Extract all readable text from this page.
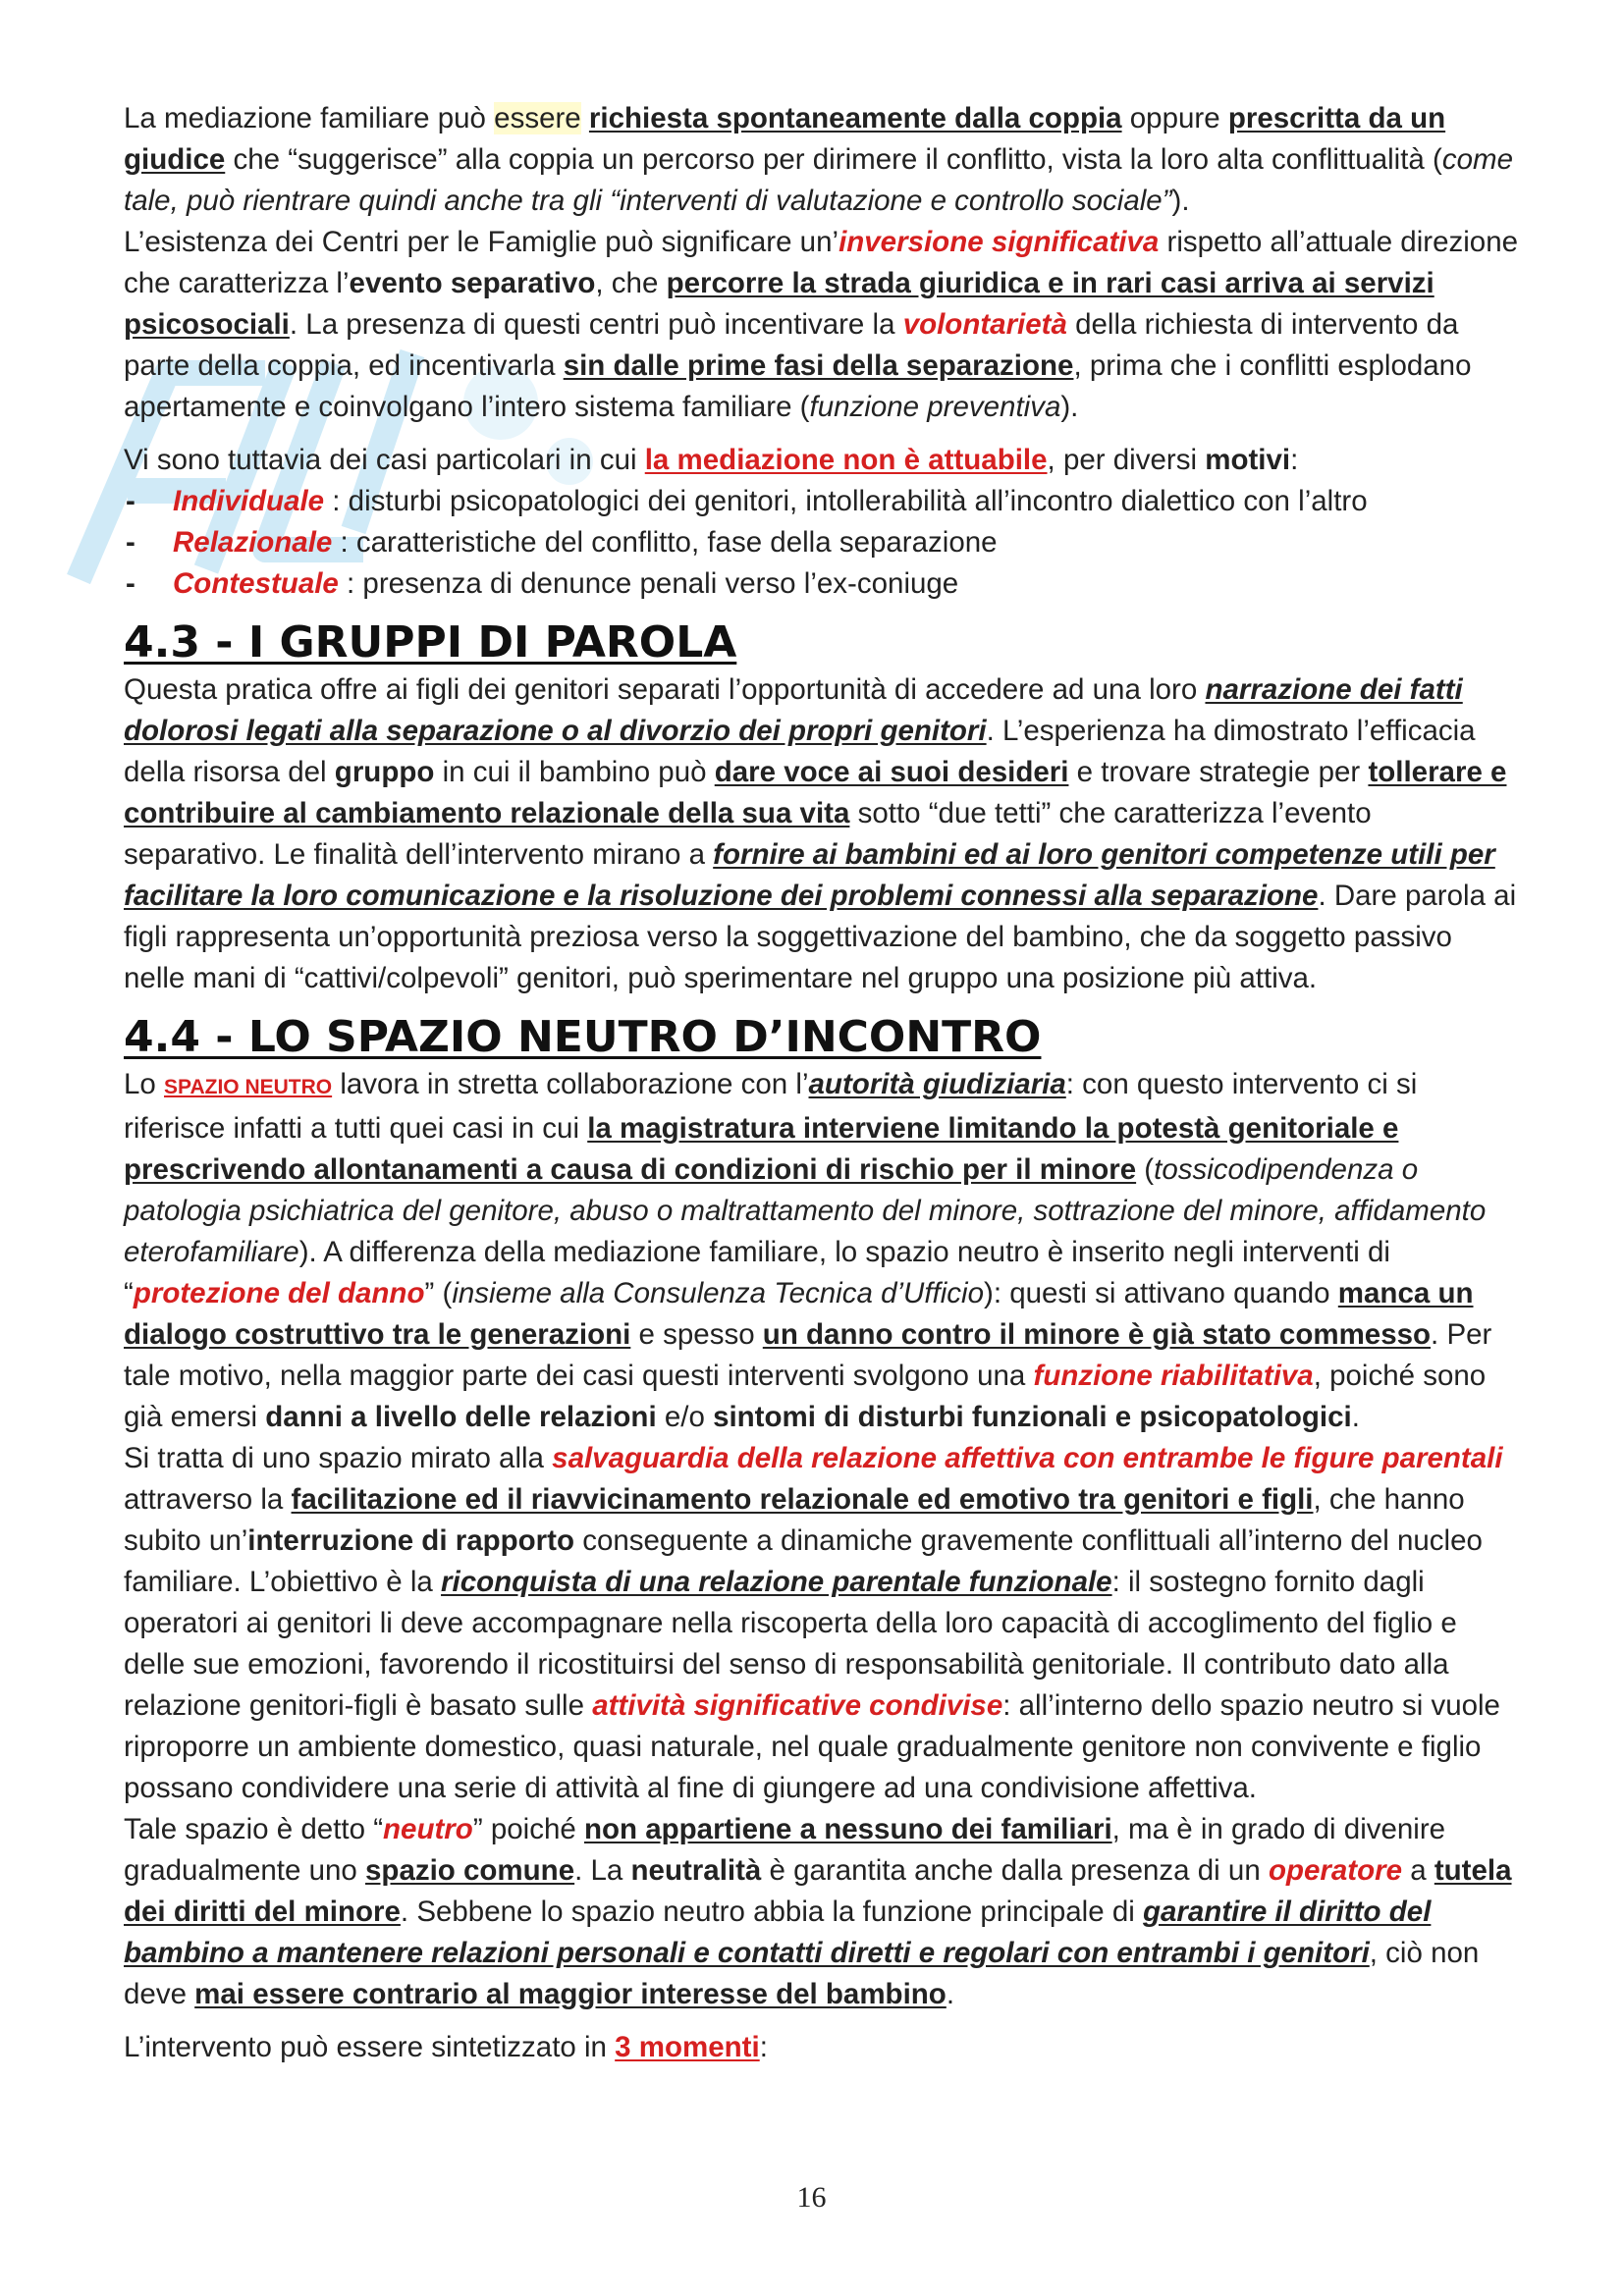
La mediazione familiare può essere richiesta spontaneamente dalla coppia oppure prescritta da un giudice che “suggerisce” alla coppia un percorso per dirimere il conflitto, vista la loro alta conflittualità (come tale, può rientrare quindi anche tra gli “interventi di valutazione e controllo sociale”).

L’esistenza dei Centri per le Famiglie può significare un’inversione significativa rispetto all’attuale direzione che caratterizza l’evento separativo, che percorre la strada giuridica e in rari casi arriva ai servizi psicosociali. La presenza di questi centri può incentivare la volontarietà della richiesta di intervento da parte della coppia, ed incentivarla sin dalle prime fasi della separazione, prima che i conflitti esplodano apertamente e coinvolgano l’intero sistema familiare (funzione preventiva).

Vi sono tuttavia dei casi particolari in cui la mediazione non è attuabile, per diversi motivi:

- Individuale : disturbi psicopatologici dei genitori, intollerabilità all’incontro dialettico con l’altro
- Relazionale : caratteristiche del conflitto, fase della separazione
- Contestuale : presenza di denunce penali verso l’ex-coniuge
4.3 - I GRUPPI DI PAROLA

Questa pratica offre ai figli dei genitori separati l’opportunità di accedere ad una loro narrazione dei fatti dolorosi legati alla separazione o al divorzio dei propri genitori. L’esperienza ha dimostrato l’efficacia della risorsa del gruppo in cui il bambino può dare voce ai suoi desideri e trovare strategie per tollerare e contribuire al cambiamento relazionale della sua vita sotto “due tetti” che caratterizza l’evento separativo. Le finalità dell’intervento mirano a fornire ai bambini ed ai loro genitori competenze utili per facilitare la loro comunicazione e la risoluzione dei problemi connessi alla separazione. Dare parola ai figli rappresenta un’opportunità preziosa verso la soggettivazione del bambino, che da soggetto passivo nelle mani di “cattivi/colpevoli” genitori, può sperimentare nel gruppo una posizione più attiva.

4.4 - LO SPAZIO NEUTRO D’INCONTRO

Lo SPAZIO NEUTRO lavora in stretta collaborazione con l’autorità giudiziaria: con questo intervento ci si riferisce infatti a tutti quei casi in cui la magistratura interviene limitando la potestà genitoriale e prescrivendo allontanamenti a causa di condizioni di rischio per il minore (tossicodipendenza o patologia psichiatrica del genitore, abuso o maltrattamento del minore, sottrazione del minore, affidamento eterofamiliare). A differenza della mediazione familiare, lo spazio neutro è inserito negli interventi di “protezione del danno” (insieme alla Consulenza Tecnica d’Ufficio): questi si attivano quando manca un dialogo costruttivo tra le generazioni e spesso un danno contro il minore è già stato commesso. Per tale motivo, nella maggior parte dei casi questi interventi svolgono una funzione riabilitativa, poiché sono già emersi danni a livello delle relazioni e/o sintomi di disturbi funzionali e psicopatologici.

Si tratta di uno spazio mirato alla salvaguardia della relazione affettiva con entrambe le figure parentali attraverso la facilitazione ed il riavvicinamento relazionale ed emotivo tra genitori e figli, che hanno subito un’interruzione di rapporto conseguente a dinamiche gravemente conflittuali all’interno del nucleo familiare. L’obiettivo è la riconquista di una relazione parentale funzionale: il sostegno fornito dagli operatori ai genitori li deve accompagnare nella riscoperta della loro capacità di accoglimento del figlio e delle sue emozioni, favorendo il ricostituirsi del senso di responsabilità genitoriale. Il contributo dato alla relazione genitori-figli è basato sulle attività significative condivise: all’interno dello spazio neutro si vuole riproporre un ambiente domestico, quasi naturale, nel quale gradualmente genitore non convivente e figlio possano condividere una serie di attività al fine di giungere ad una condivisione affettiva.

Tale spazio è detto “neutro” poiché non appartiene a nessuno dei familiari, ma è in grado di divenire gradualmente uno spazio comune. La neutralità è garantita anche dalla presenza di un operatore a tutela dei diritti del minore. Sebbene lo spazio neutro abbia la funzione principale di garantire il diritto del bambino a mantenere relazioni personali e contatti diretti e regolari con entrambi i genitori, ciò non deve mai essere contrario al maggior interesse del bambino.

L’intervento può essere sintetizzato in 3 momenti:

16
